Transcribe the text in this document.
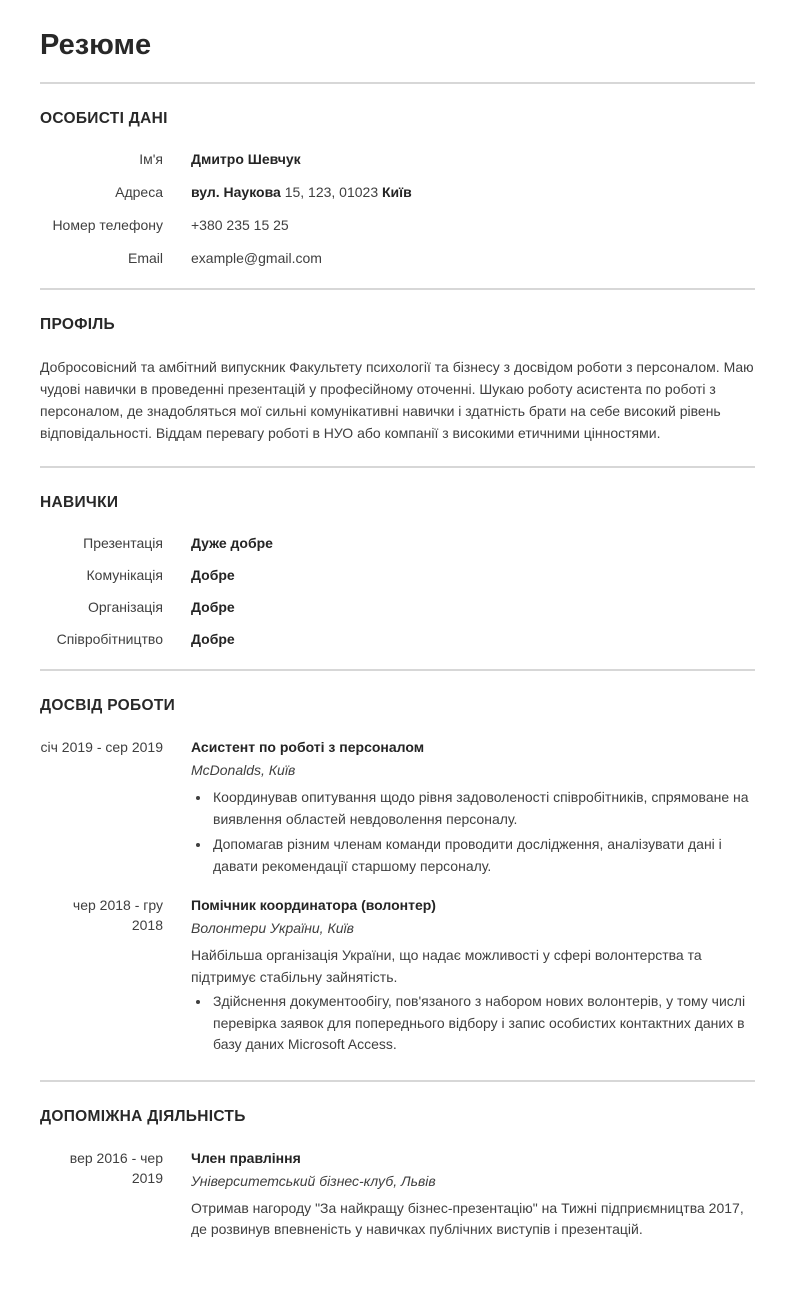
Резюме
ОСОБИСТІ ДАНІ
Ім'я Дмитро Шевчук
Адреса вул. Наукова 15, 123, 01023 Київ
Номер телефону +380 235 15 25
Email example@gmail.com
ПРОФІЛЬ

Добросовісний та амбітний випускник Факультету психології та бізнесу з досвідом роботи з персоналом. Маю чудові навички в проведенні презентацій у професійному оточенні. Шукаю роботу асистента по роботі з персоналом, де знадобляться мої сильні комунікативні навички і здатність брати на себе високий рівень відповідальності. Віддам перевагу роботі в НУО або компанії з високими етичними цінностями.

НАВИЧКИ
Презентація Дуже добре
Комунікація Добре
Організація Добре
Співробітництво Добре
ДОСВІД РОБОТИ
січ 2019 - сер 2019 Асистент по роботі з персоналом
McDonalds, Київ
• Координував опитування щодо рівня задоволеності співробітників, спрямоване на виявлення областей невдоволення персоналу.
• Допомагав різним членам команди проводити дослідження, аналізувати дані і давати рекомендації старшому персоналу.
чер 2018 - гру 2018
Помічник координатора (волонтер)
Волонтери України, Київ

Найбільша організація України, що надає можливості у сфері волонтерства та підтримує стабільну зайнятість.

• Здійснення документообігу, пов'язаного з набором нових волонтерів, у тому числі перевірка заявок для попереднього відбору і запис особистих контактних даних в базу даних Microsoft Access.
ДОПОМІЖНА ДІЯЛЬНІСТЬ
вер 2016 - чер 2019
Член правління
Університетський бізнес-клуб, Львів

Отримав нагороду "За найкращу бізнес-презентацію" на Тижні підприємництва 2017, де розвинув впевненість у навичках публічних виступів і презентацій.
